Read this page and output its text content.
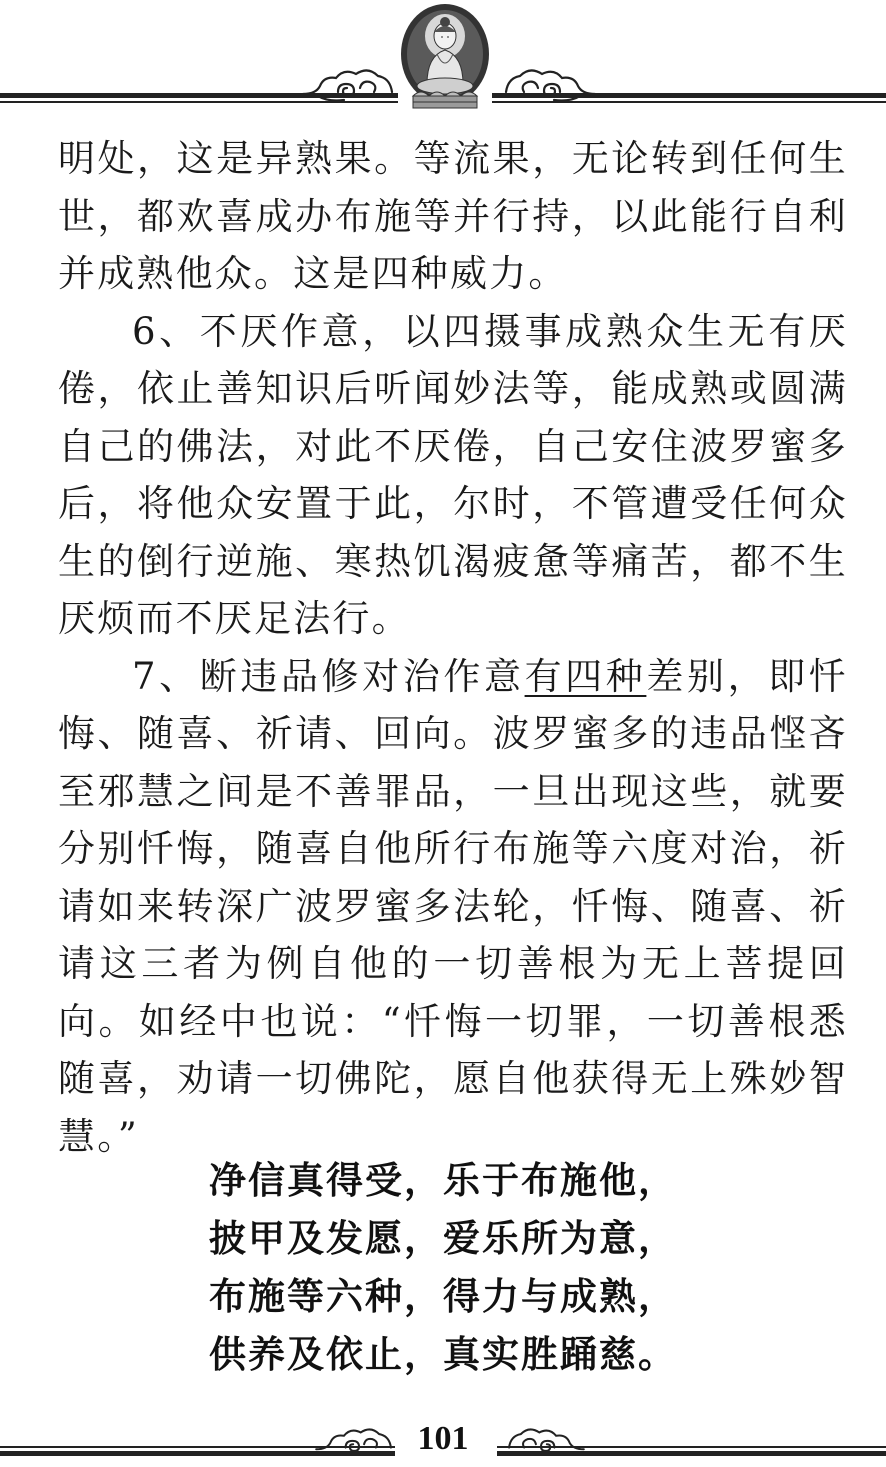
明处，这是异熟果。等流果，无论转到任何生世，都欢喜成办布施等并行持，以此能行自利并成熟他众。这是四种威力。

6、不厌作意，以四摄事成熟众生无有厌倦，依止善知识后听闻妙法等，能成熟或圆满自己的佛法，对此不厌倦，自己安住波罗蜜多后，将他众安置于此，尔时，不管遭受任何众生的倒行逆施、寒热饥渴疲惫等痛苦，都不生厌烦而不厌足法行。

7、断违品修对治作意有四种差别，即忏悔、随喜、祈请、回向。波罗蜜多的违品悭吝至邪慧之间是不善罪品，一旦出现这些，就要分别忏悔，随喜自他所行布施等六度对治，祈请如来转深广波罗蜜多法轮，忏悔、随喜、祈请这三者为例自他的一切善根为无上菩提回向。如经中也说：“忏悔一切罪，一切善根悉随喜，劝请一切佛陀，愿自他获得无上殊妙智慧。”

净信真得受，乐于布施他，
披甲及发愿，爱乐所为意，
布施等六种，得力与成熟，
供养及依止，真实胜踊慈。
101
